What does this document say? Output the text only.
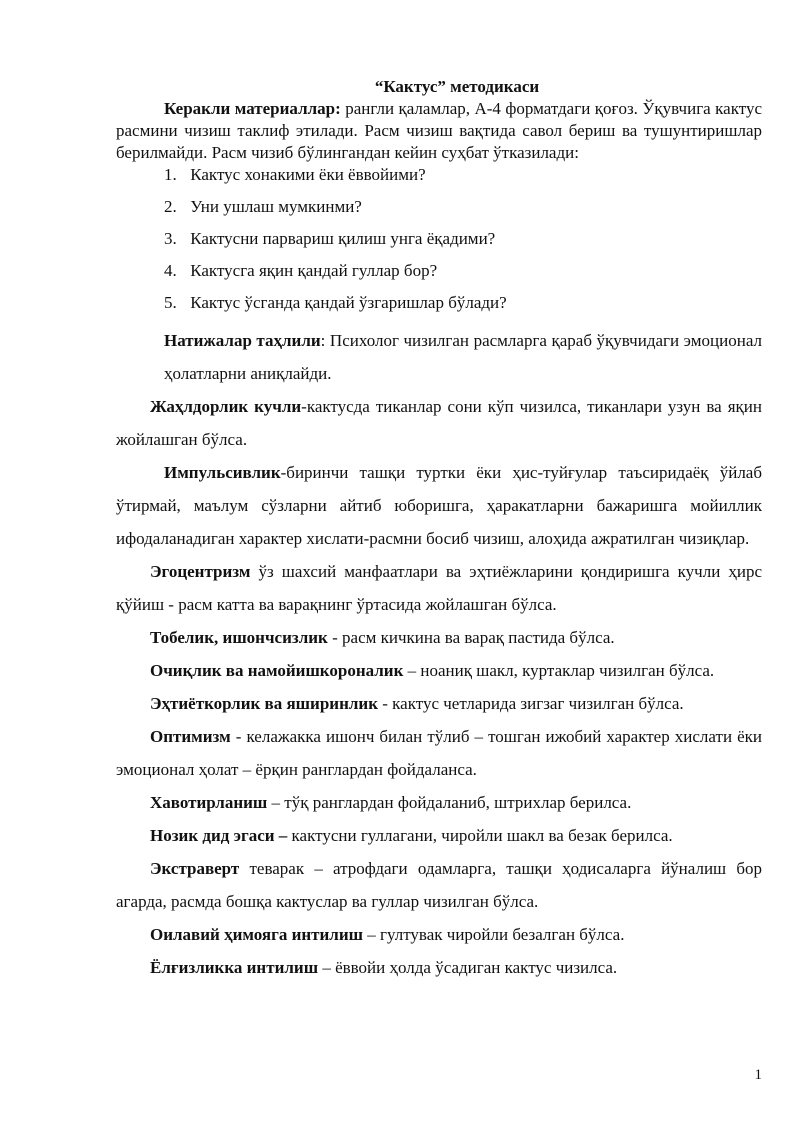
“Кактус” методикаси

Керакли материаллар: рангли қаламлар, А-4 форматдаги қоғоз. Ўқувчига кактус расмини чизиш таклиф этилади. Расм чизиш вақтида савол бериш ва тушунтиришлар берилмайди. Расм чизиб бўлингандан кейин суҳбат ўтказилади:

1. Кактус хонакими ёки ёввойими?
2. Уни ушлаш мумкинми?
3. Кактусни парвариш қилиш унга ёқадими?
4. Кактусга яқин қандай гуллар бор?
5. Кактус ўсганда қандай ўзгаришлар бўлади?

Натижалар таҳлили: Психолог чизилган расмларга қараб ўқувчидаги эмоционал ҳолатларни аниқлайди.

Жаҳлдорлик кучли-кактусда тиканлар сони кўп чизилса, тиканлари узун ва яқин жойлашган бўлса.

Импульсивлик-биринчи ташқи туртки ёки ҳис-туйғулар таъсиридаёқ ўйлаб ўтирмай, маълум сўзларни айтиб юборишга, ҳаракатларни бажаришга мойиллик ифодаланадиган характер хислати-расмни босиб чизиш, алоҳида ажратилган чизиқлар.

Эгоцентризм ўз шахсий манфаатлари ва эҳтиёжларини қондиришга кучли ҳирс қўйиш - расм катта ва варақнинг ўртасида жойлашган бўлса.

Тобелик, ишончсизлик - расм кичкина ва варақ пастида бўлса.

Очиқлик ва намойишкороналик – ноаниқ шакл, куртаклар чизилган бўлса.

Эҳтиёткорлик ва яширинлик - кактус четларида зигзаг чизилган бўлса.

Оптимизм - келажакка ишонч билан тўлиб – тошган ижобий характер хислати ёки эмоционал ҳолат – ёрқин ранглардан фойдаланса.

Хавотирланиш – тўқ ранглардан фойдаланиб, штрихлар берилса.

Нозик дид эгаси – кактусни гуллагани, чиройли шакл ва безак берилса.

Экстраверт теварак – атрофдаги одамларга, ташқи ҳодисаларга йўналиш бор агарда, расмда бошқа кактуслар ва гуллар чизилган бўлса.

Оилавий ҳимояга интилиш – гултувак чиройли безалган бўлса.

Ёлғизликка интилиш – ёввойи ҳолда ўсадиган кактус чизилса.

1
